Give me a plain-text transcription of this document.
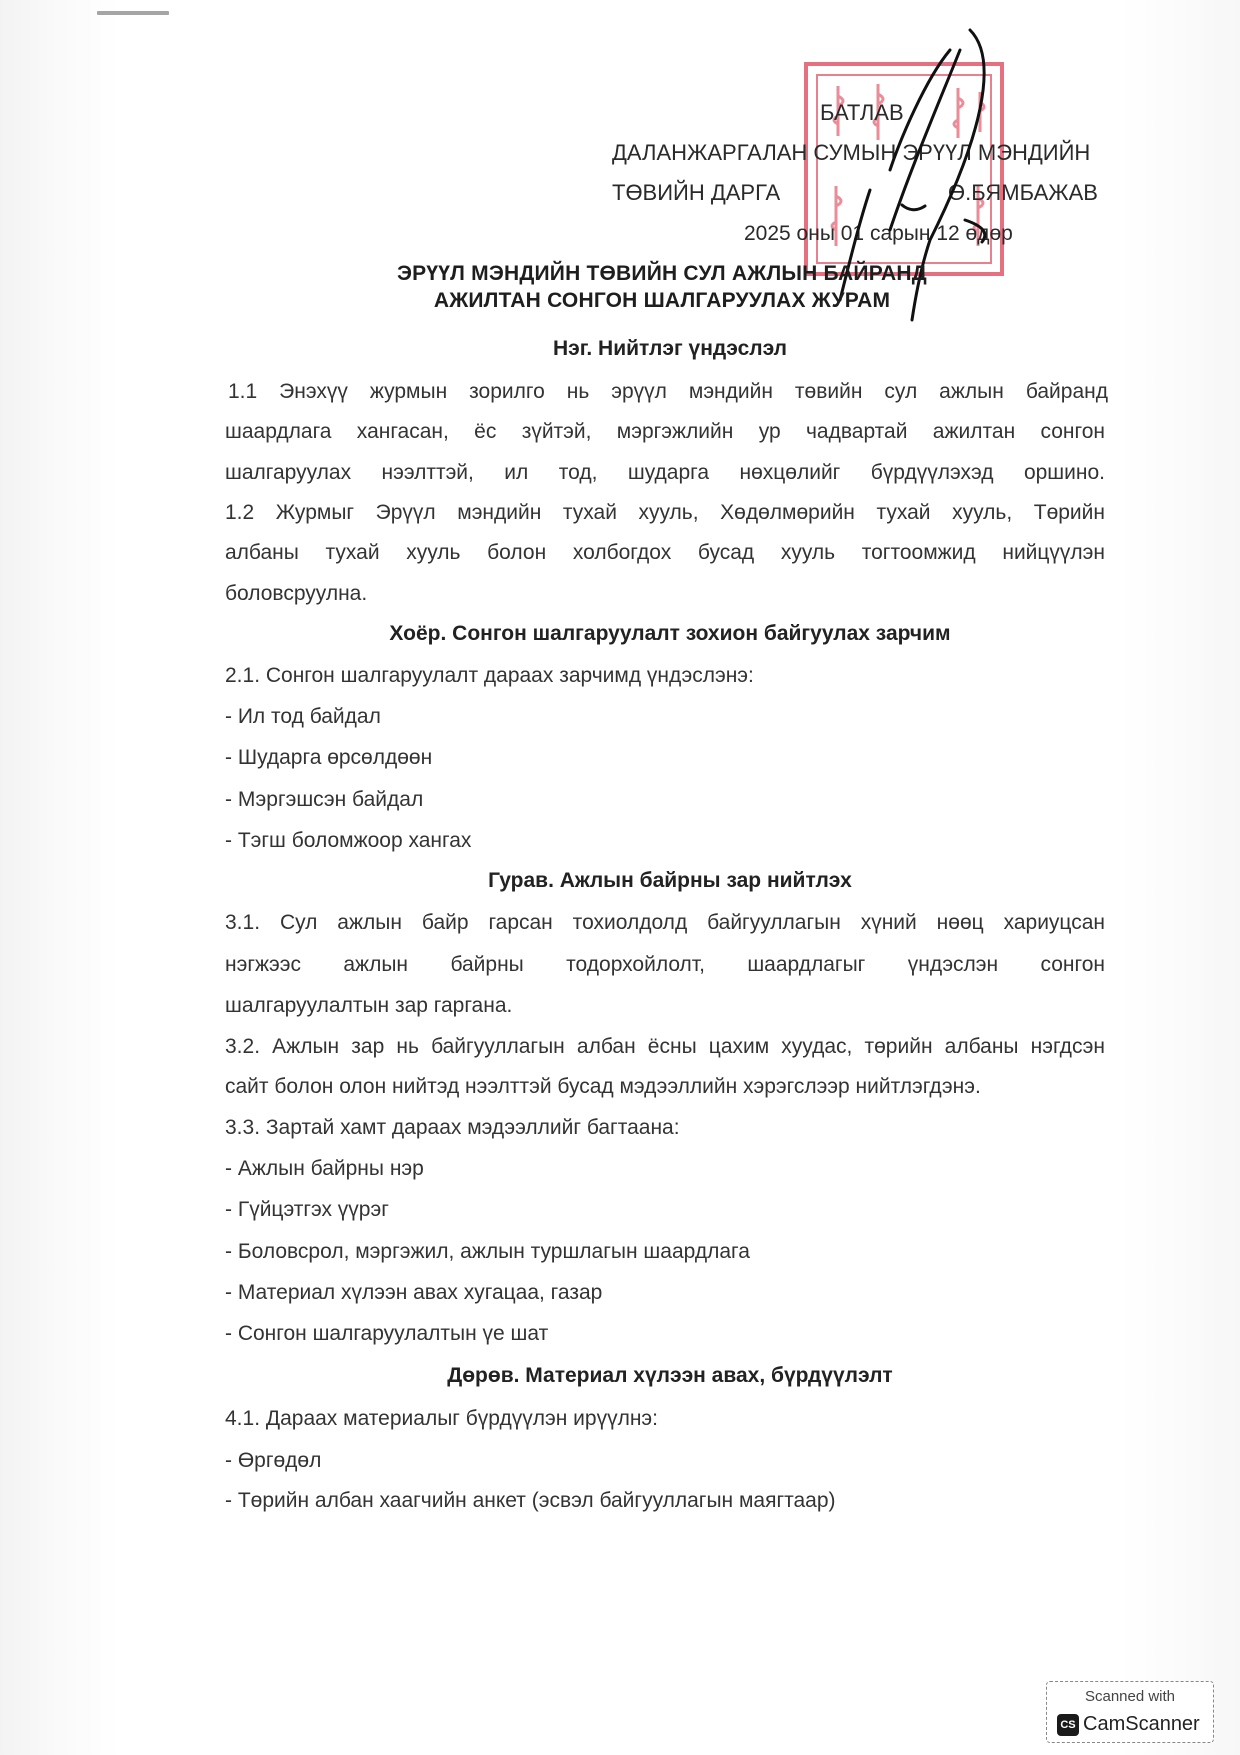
БАТЛАВ
ДАЛАНЖАРГАЛАН СУМЫН ЭРҮҮЛ МЭНДИЙН
ТӨВИЙН ДАРГА	Ө.БЯМБАЖАВ
2025 оны 01 сарын 12 өдөр
ЭРҮҮЛ МЭНДИЙН ТӨВИЙН СУЛ АЖЛЫН БАЙРАНД
АЖИЛТАН СОНГОН ШАЛГАРУУЛАХ ЖУРАМ
Нэг. Нийтлэг үндэслэл
1.1 Энэхүү журмын зорилго нь эрүүл мэндийн төвийн сул ажлын байранд
шаардлага хангасан, ёс зүйтэй, мэргэжлийн ур чадвартай ажилтан сонгон
шалгаруулах нээлттэй, ил тод, шударга нөхцөлийг бүрдүүлэхэд оршино.
1.2 Журмыг Эрүүл мэндийн тухай хууль, Хөдөлмөрийн тухай хууль, Төрийн
албаны тухай хууль болон холбогдох бусад хууль тогтоомжид нийцүүлэн
боловсруулна.
Хоёр. Сонгон шалгаруулалт зохион байгуулах зарчим
2.1. Сонгон шалгаруулалт дараах зарчимд үндэслэнэ:
- Ил тод байдал
- Шударга өрсөлдөөн
- Мэргэшсэн байдал
- Тэгш боломжоор хангах
Гурав. Ажлын байрны зар нийтлэх
3.1. Сул ажлын байр гарсан тохиолдолд байгууллагын хүний нөөц хариуцсан
нэгжээс ажлын байрны тодорхойлолт, шаардлагыг үндэслэн сонгон
шалгаруулалтын зар гаргана.
3.2. Ажлын зар нь байгууллагын албан ёсны цахим хуудас, төрийн албаны нэгдсэн
сайт болон олон нийтэд нээлттэй бусад мэдээллийн хэрэгслээр нийтлэгдэнэ.
3.3. Зартай хамт дараах мэдээллийг багтаана:
- Ажлын байрны нэр
- Гүйцэтгэх үүрэг
- Боловсрол, мэргэжил, ажлын туршлагын шаардлага
- Материал хүлээн авах хугацаа, газар
- Сонгон шалгаруулалтын үе шат
Дөрөв. Материал хүлээн авах, бүрдүүлэлт
4.1. Дараах материалыг бүрдүүлэн ирүүлнэ:
- Өргөдөл
- Төрийн албан хаагчийн анкет (эсвэл байгууллагын маягтаар)
Scanned with
CS CamScanner
